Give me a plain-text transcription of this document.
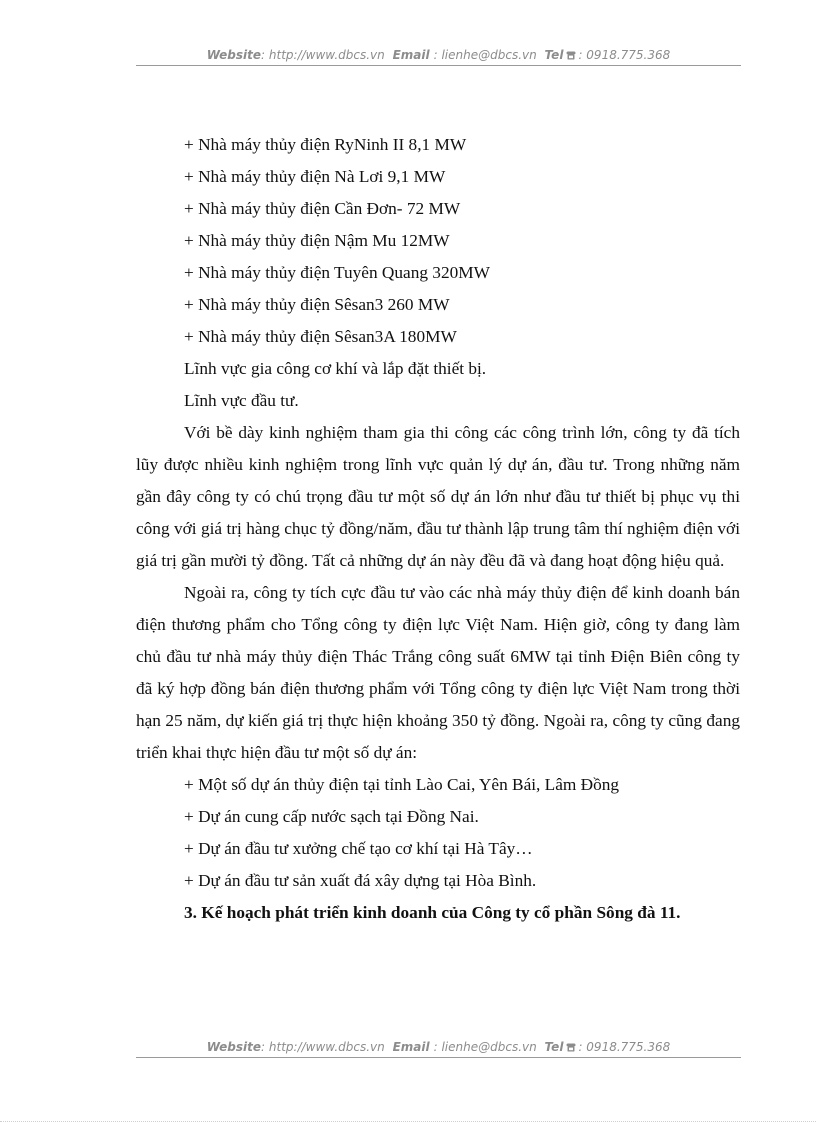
Website: http://www.dbcs.vn Email : lienhe@dbcs.vn Tel : 0918.775.368
+ Nhà máy thủy điện RyNinh II 8,1 MW
+ Nhà máy thủy điện Nà Lơi 9,1 MW
+ Nhà máy thủy điện Cần Đơn- 72 MW
+ Nhà máy thủy điện Nậm Mu 12MW
+ Nhà máy thủy điện Tuyên Quang 320MW
+ Nhà máy thủy điện Sêsan3 260 MW
+ Nhà máy thủy điện Sêsan3A 180MW
Lĩnh vực gia công cơ khí và lắp đặt thiết bị.
Lĩnh vực đầu tư.

Với bề dày kinh nghiệm tham gia thi công các công trình lớn, công ty đã tích lũy được nhiều kinh nghiệm trong lĩnh vực quản lý dự án, đầu tư. Trong những năm gần đây công ty có chú trọng đầu tư một số dự án lớn như đầu tư thiết bị phục vụ thi công với giá trị hàng chục tỷ đồng/năm, đầu tư thành lập trung tâm thí nghiệm điện với giá trị gần mười tỷ đồng. Tất cả những dự án này đều đã và đang hoạt động hiệu quả.

Ngoài ra, công ty tích cực đầu tư vào các nhà máy thủy điện để kinh doanh bán điện thương phẩm cho Tổng công ty điện lực Việt Nam. Hiện giờ, công ty đang làm chủ đầu tư nhà máy thủy điện Thác Trắng công suất 6MW tại tỉnh Điện Biên công ty đã ký hợp đồng bán điện thương phẩm với Tổng công ty điện lực Việt Nam trong thời hạn 25 năm, dự kiến giá trị thực hiện khoảng 350 tỷ đồng. Ngoài ra, công ty cũng đang triển khai thực hiện đầu tư một số dự án:

+ Một số dự án thủy điện tại tỉnh Lào Cai, Yên Bái, Lâm Đồng
+ Dự án cung cấp nước sạch tại Đồng Nai.
+ Dự án đầu tư xưởng chế tạo cơ khí tại Hà Tây…
+ Dự án đầu tư sản xuất đá xây dựng tại Hòa Bình.
3. Kế hoạch phát triển kinh doanh của Công ty cổ phần Sông đà 11.
Website: http://www.dbcs.vn Email : lienhe@dbcs.vn Tel : 0918.775.368
